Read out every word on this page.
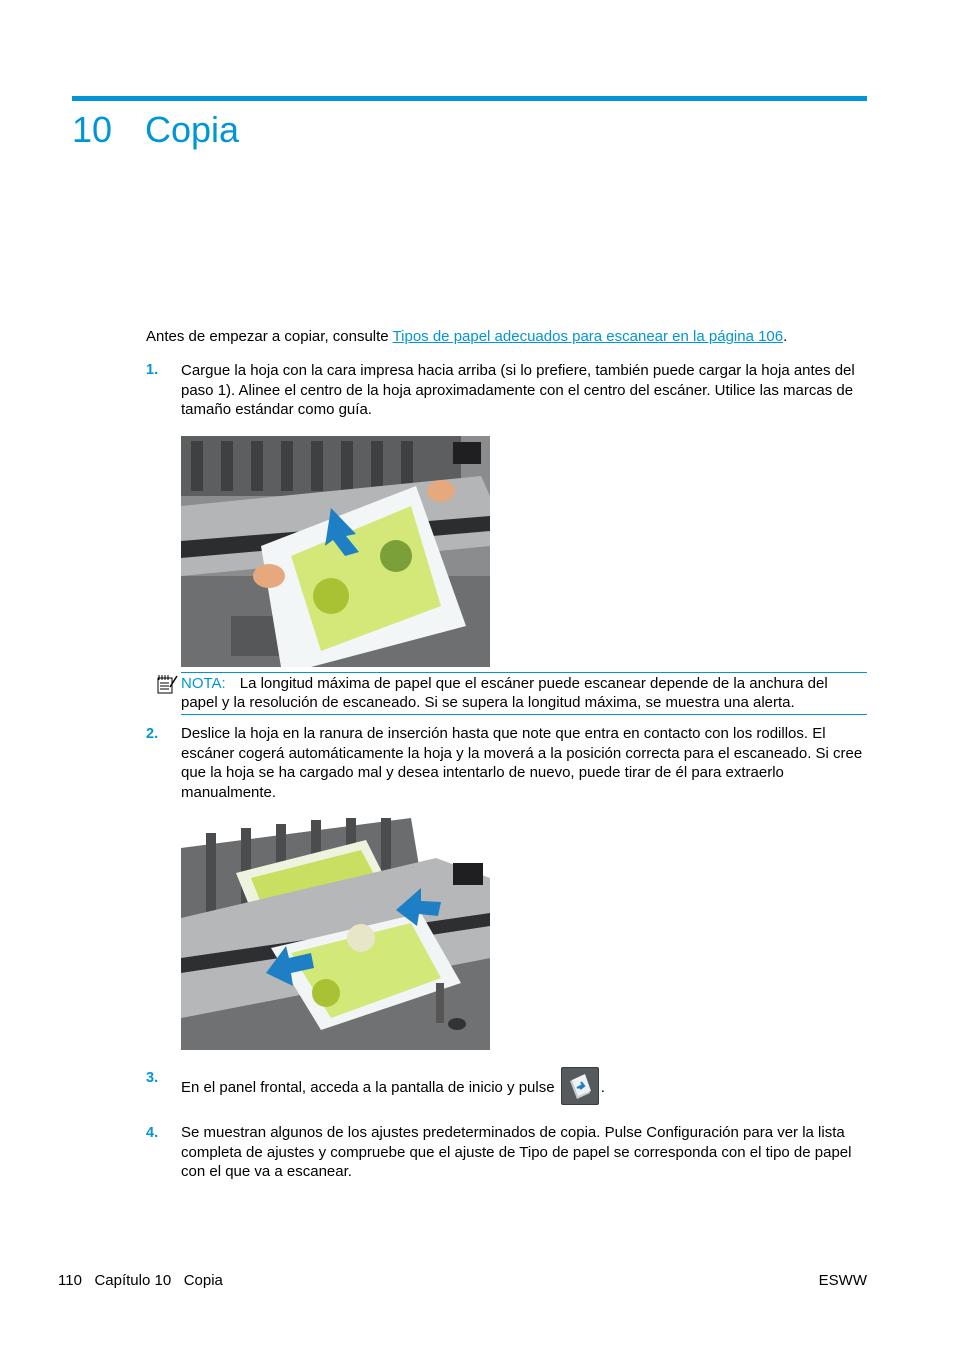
10 Copia
Antes de empezar a copiar, consulte Tipos de papel adecuados para escanear en la página 106.
1. Cargue la hoja con la cara impresa hacia arriba (si lo prefiere, también puede cargar la hoja antes del paso 1). Alinee el centro de la hoja aproximadamente con el centro del escáner. Utilice las marcas de tamaño estándar como guía.
NOTA: La longitud máxima de papel que el escáner puede escanear depende de la anchura del papel y la resolución de escaneado. Si se supera la longitud máxima, se muestra una alerta.
2. Deslice la hoja en la ranura de inserción hasta que note que entra en contacto con los rodillos. El escáner cogerá automáticamente la hoja y la moverá a la posición correcta para el escaneado. Si cree que la hoja se ha cargado mal y desea intentarlo de nuevo, puede tirar de él para extraerlo manualmente.
3.
En el panel frontal, acceda a la pantalla de inicio y pulse	.
4. Se muestran algunos de los ajustes predeterminados de copia. Pulse Configuración para ver la lista completa de ajustes y compruebe que el ajuste de Tipo de papel se corresponda con el tipo de papel con el que va a escanear.
110 Capítulo 10 Copia	ESWW
